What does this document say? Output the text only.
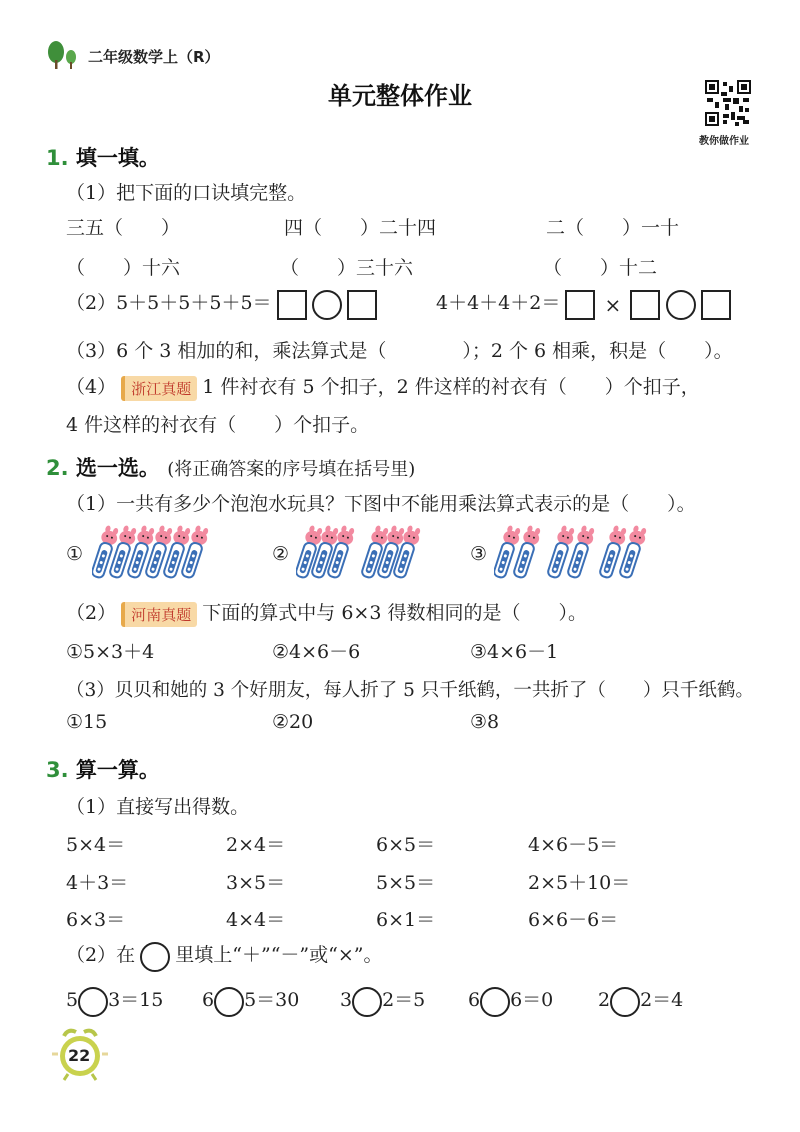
二年级数学上（R）
单元整体作业
教你做作业
1. 填一填。
（1）把下面的口诀填完整。
三五（　　）	四（　　）二十四	二（　　）一十
（　　）十六	（　　）三十六	（　　）十二
（2）5＋5＋5＋5＋5＝	4＋4＋4＋2＝ ×
（3）6 个 3 相加的和，乘法算式是（　　　　）；2 个 6 相乘，积是（　　）。
（4） 浙江真题 1 件衬衣有 5 个扣子，2 件这样的衬衣有（　　）个扣子，
4 件这样的衬衣有（　　）个扣子。
2. 选一选。 (将正确答案的序号填在括号里)
（1）一共有多少个泡泡水玩具？下图中不能用乘法算式表示的是（　　）。
①	②	③
（2） 河南真题 下面的算式中与 6×3 得数相同的是（　　）。
①5×3＋4	②4×6－6	③4×6－1
（3）贝贝和她的 3 个好朋友，每人折了 5 只千纸鹤，一共折了（　　）只千纸鹤。
①15	②20	③8
3. 算一算。
（1）直接写出得数。
5×4＝	2×4＝	6×5＝	4×6－5＝
4＋3＝	3×5＝	5×5＝	2×5＋10＝
6×3＝	4×4＝	6×1＝	6×6－6＝
（2）在 里填上“＋”“－”或“×”。
5 3＝15 6 5＝30 3 2＝5 6 6＝0 2 2＝4
22
